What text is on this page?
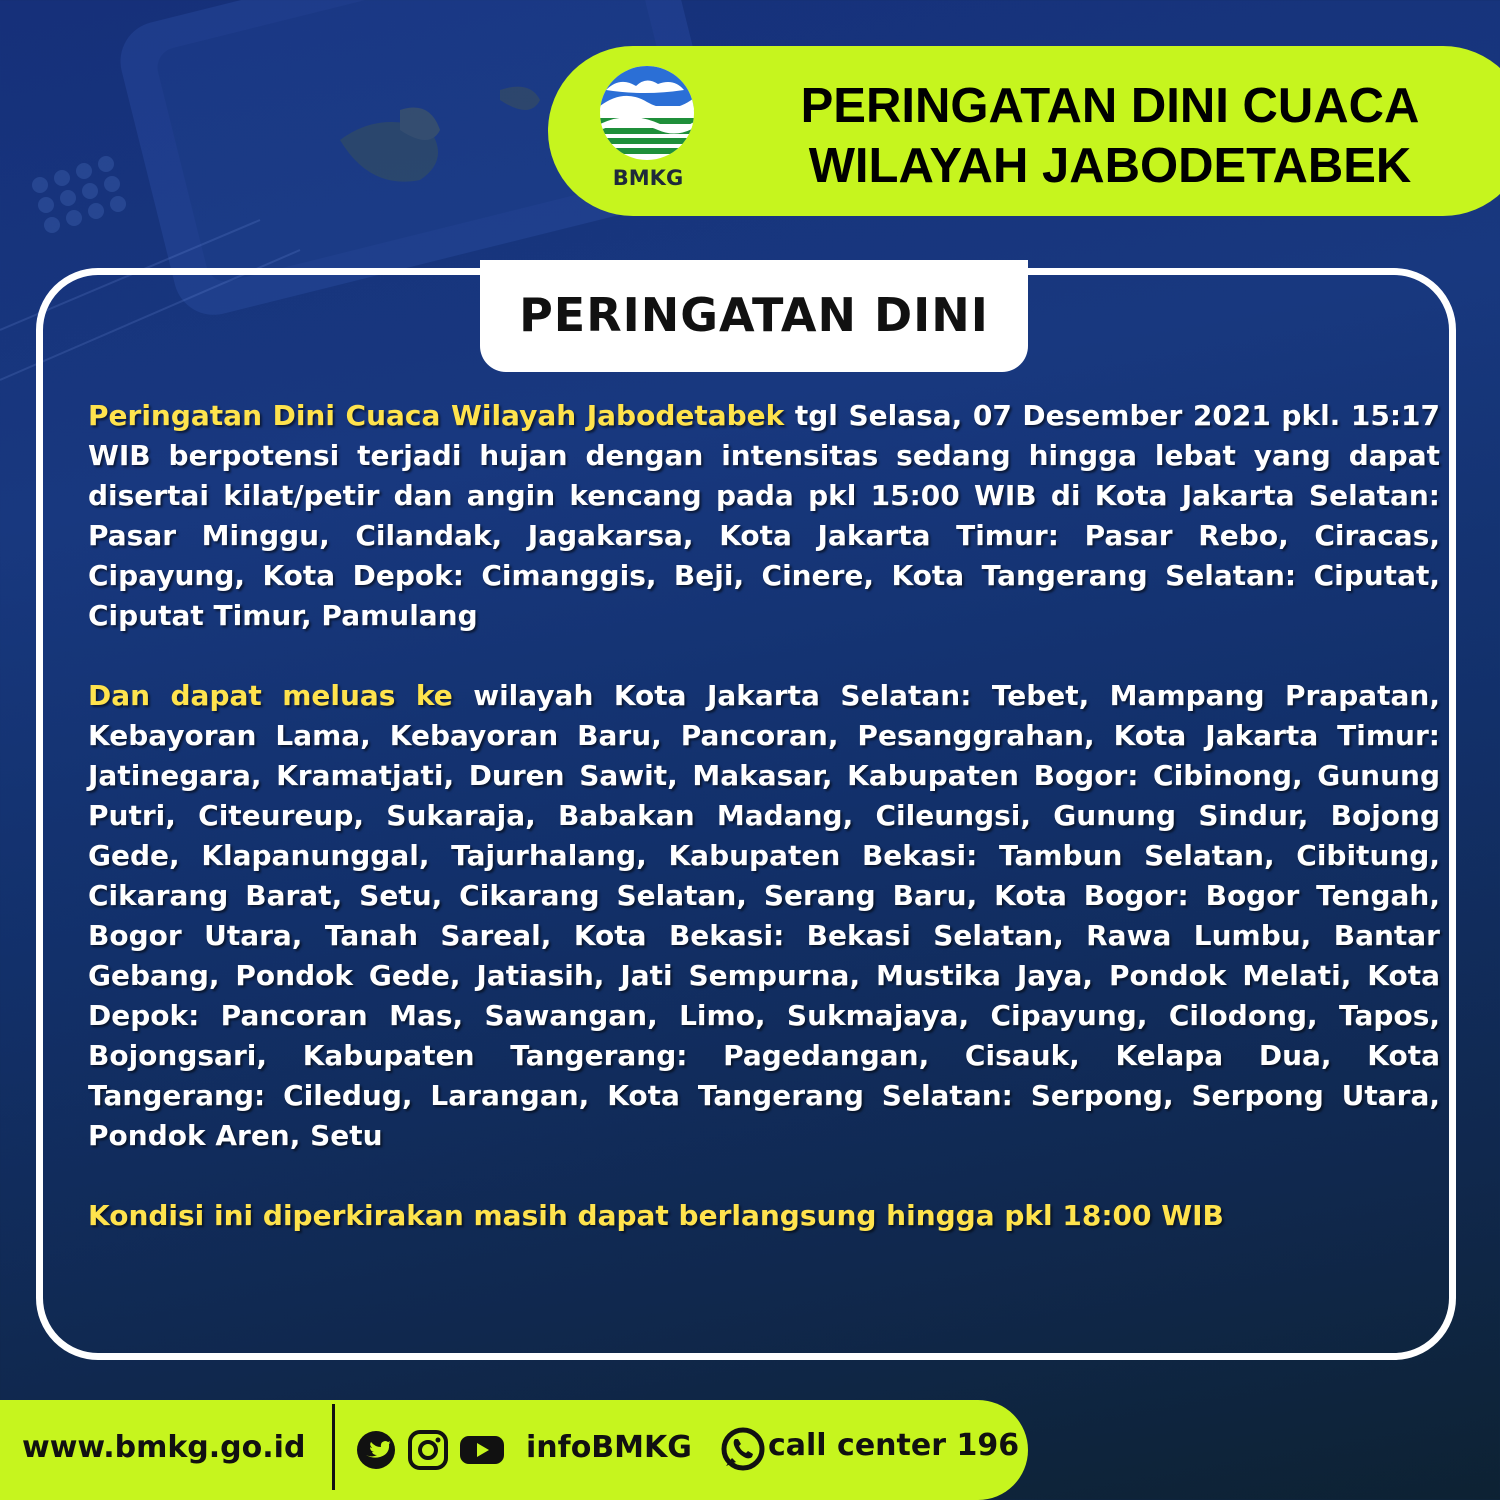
BMKG
PERINGATAN DINI CUACA
WILAYAH JABODETABEK
PERINGATAN DINI

Peringatan Dini Cuaca Wilayah Jabodetabek tgl Selasa, 07 Desember 2021 pkl. 15:17 WIB berpotensi terjadi hujan dengan intensitas sedang hingga lebat yang dapat disertai kilat/petir dan angin kencang pada pkl 15:00 WIB di Kota Jakarta Selatan: Pasar Minggu, Cilandak, Jagakarsa, Kota Jakarta Timur: Pasar Rebo, Ciracas, Cipayung, Kota Depok: Cimanggis, Beji, Cinere, Kota Tangerang Selatan: Ciputat, Ciputat Timur, Pamulang

Dan dapat meluas ke wilayah Kota Jakarta Selatan: Tebet, Mampang Prapatan, Kebayoran Lama, Kebayoran Baru, Pancoran, Pesanggrahan, Kota Jakarta Timur: Jatinegara, Kramatjati, Duren Sawit, Makasar, Kabupaten Bogor: Cibinong, Gunung Putri, Citeureup, Sukaraja, Babakan Madang, Cileungsi, Gunung Sindur, Bojong Gede, Klapanunggal, Tajurhalang, Kabupaten Bekasi: Tambun Selatan, Cibitung, Cikarang Barat, Setu, Cikarang Selatan, Serang Baru, Kota Bogor: Bogor Tengah, Bogor Utara, Tanah Sareal, Kota Bekasi: Bekasi Selatan, Rawa Lumbu, Bantar Gebang, Pondok Gede, Jatiasih, Jati Sempurna, Mustika Jaya, Pondok Melati, Kota Depok: Pancoran Mas, Sawangan, Limo, Sukmajaya, Cipayung, Cilodong, Tapos, Bojongsari, Kabupaten Tangerang: Pagedangan, Cisauk, Kelapa Dua, Kota Tangerang: Ciledug, Larangan, Kota Tangerang Selatan: Serpong, Serpong Utara, Pondok Aren, Setu

Kondisi ini diperkirakan masih dapat berlangsung hingga pkl 18:00 WIB

www.bmkg.go.id	infoBMKG	call center 196
